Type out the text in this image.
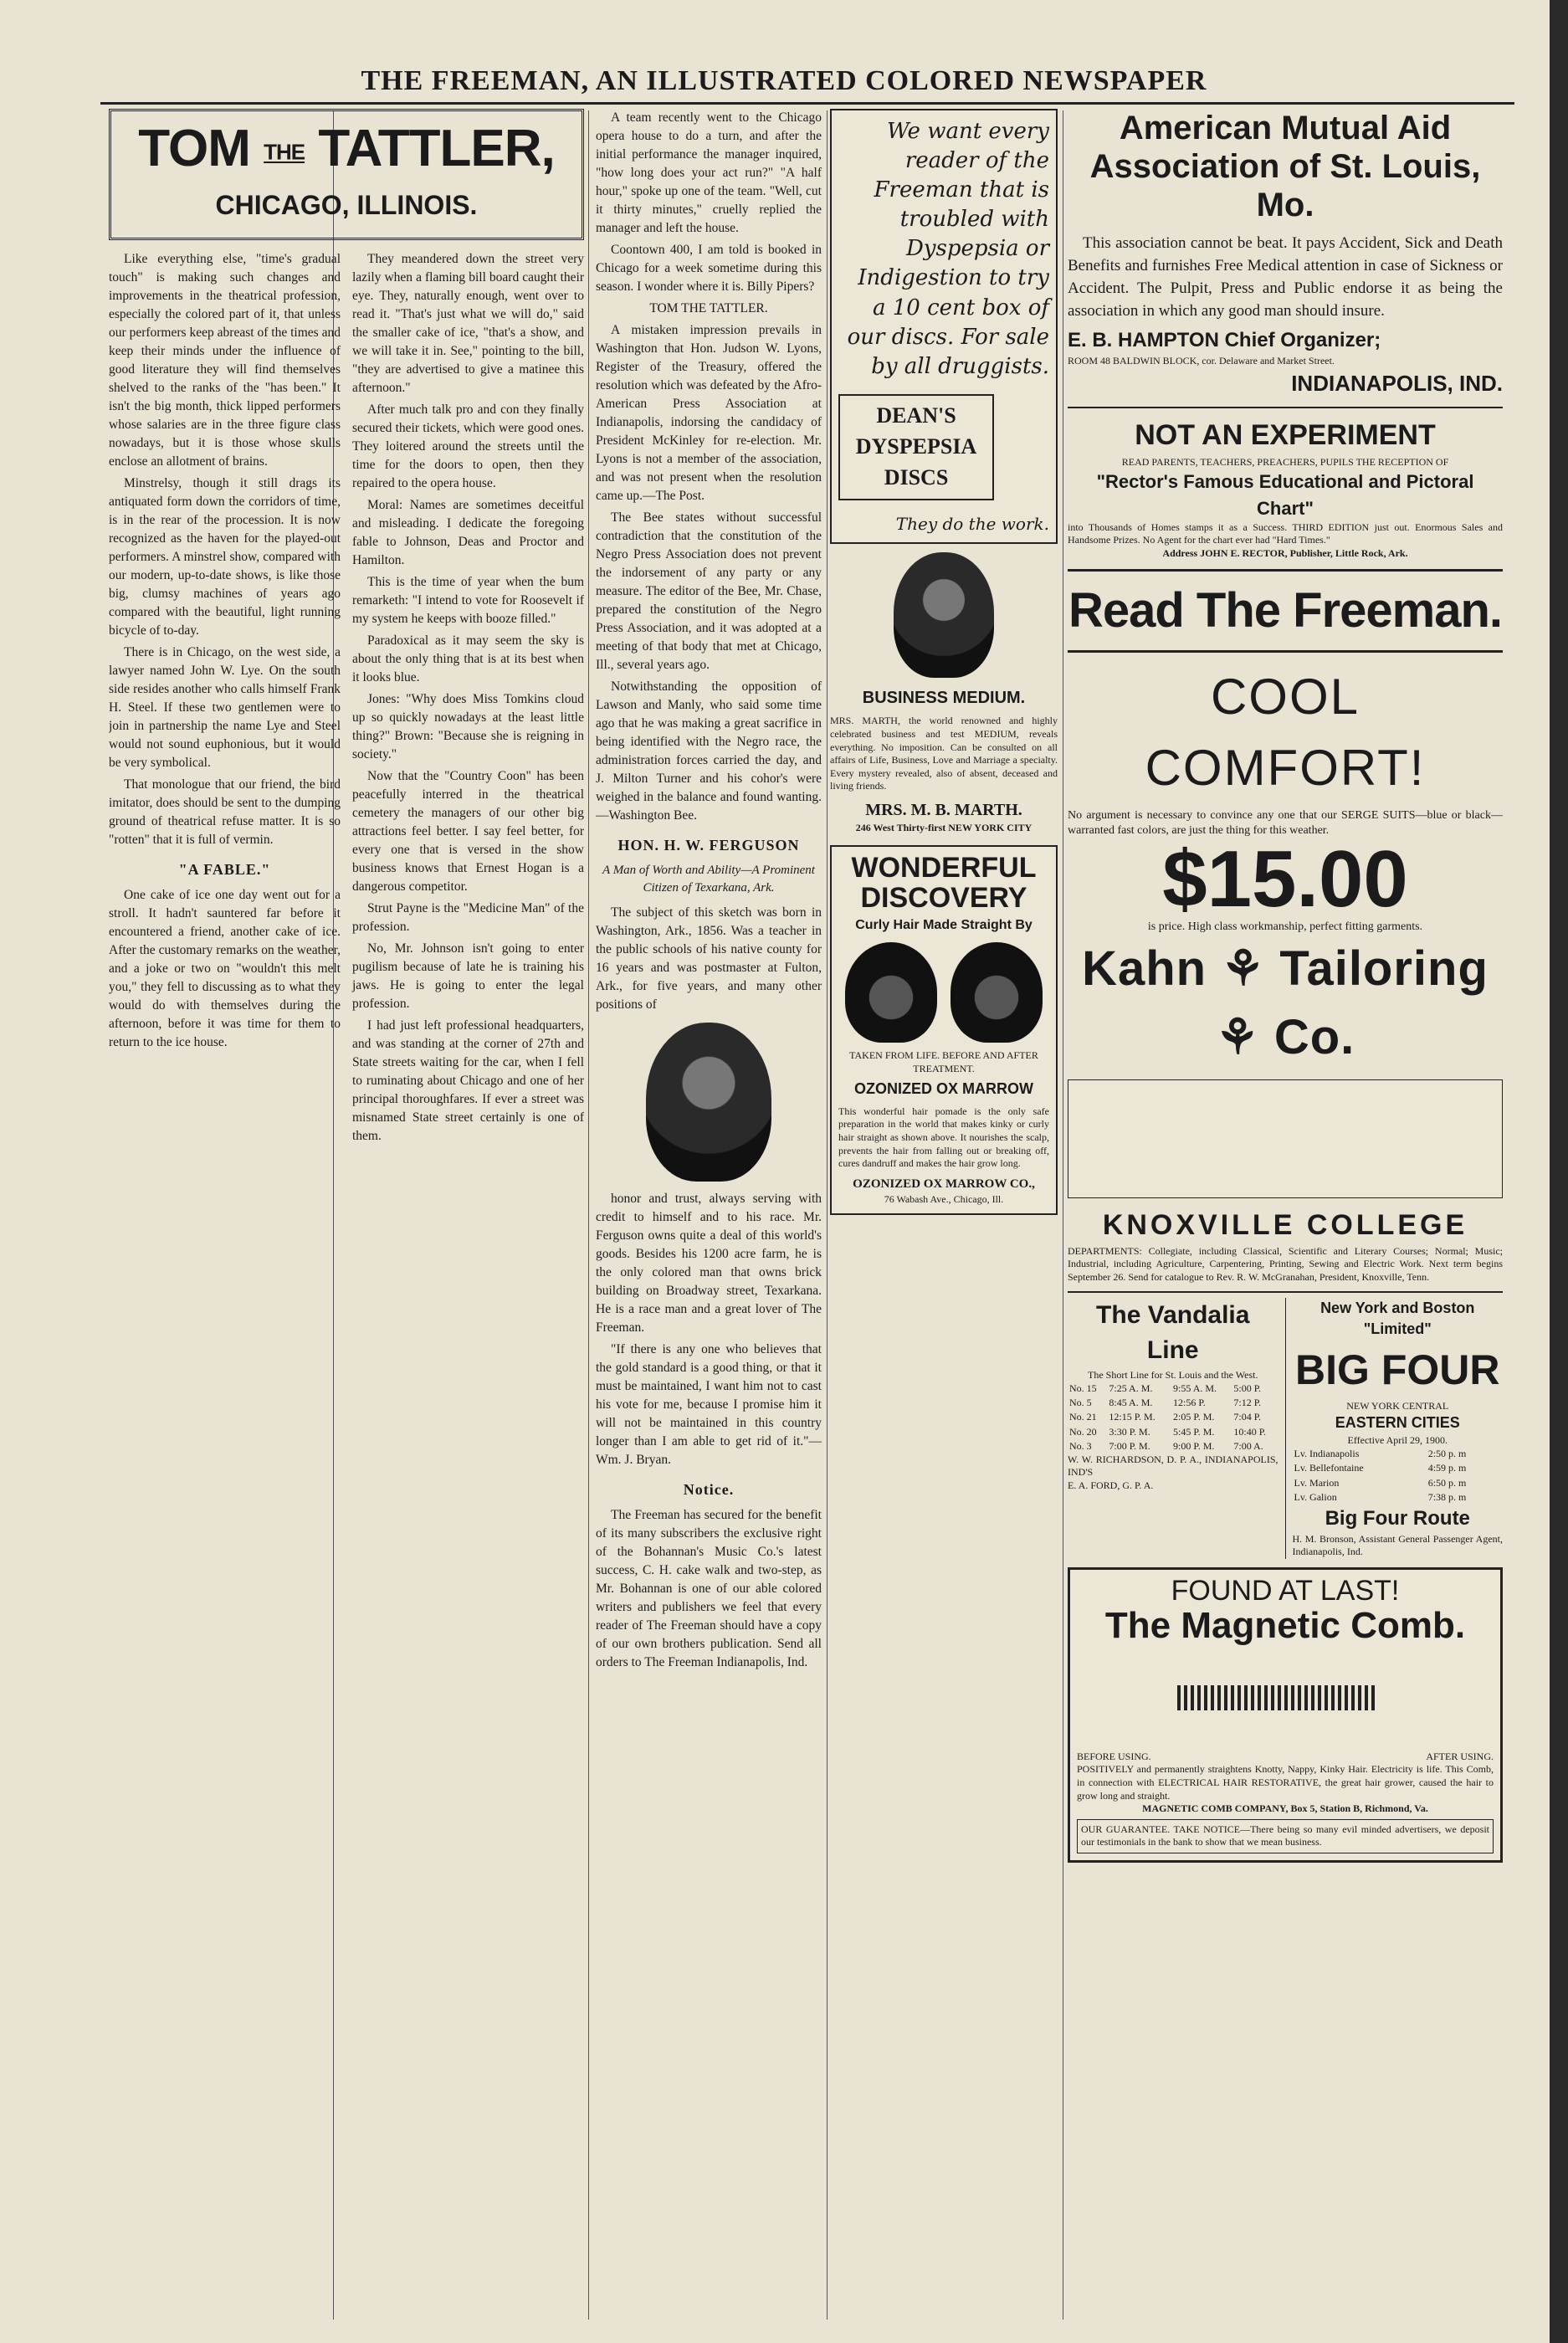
THE FREEMAN, AN ILLUSTRATED COLORED NEWSPAPER
TOM THE TATTLER,
CHICAGO, ILLINOIS.

Like everything else, "time's gradual touch" is making such changes and improvements in the theatrical profession, especially the colored part of it, that unless our performers keep abreast of the times and keep their minds under the influence of good literature they will find themselves shelved to the ranks of the "has been." It isn't the big month, thick lipped performers whose salaries are in the three figure class nowadays, but it is those whose skulls enclose an allotment of brains.

Minstrelsy, though it still drags its antiquated form down the corridors of time, is in the rear of the procession. It is now recognized as the haven for the played-out performers. A minstrel show, compared with our modern, up-to-date shows, is like those big, clumsy machines of years ago compared with the beautiful, light running bicycle of to-day.

There is in Chicago, on the west side, a lawyer named John W. Lye. On the south side resides another who calls himself Frank H. Steel. If these two gentlemen were to join in partnership the name Lye and Steel would not sound euphonious, but it would be very symbolical.

That monologue that our friend, the bird imitator, does should be sent to the dumping ground of theatrical refuse matter. It is so "rotten" that it is full of vermin.

"A FABLE."

One cake of ice one day went out for a stroll. It hadn't sauntered far before it encountered a friend, another cake of ice. After the customary remarks on the weather, and a joke or two on "wouldn't this melt you," they fell to discussing as to what they would do with themselves during the afternoon, before it was time for them to return to the ice house.

They meandered down the street very lazily when a flaming bill board caught their eye. They, naturally enough, went over to read it. "That's just what we will do," said the smaller cake of ice, "that's a show, and we will take it in. See," pointing to the bill, "they are advertised to give a matinee this afternoon."

After much talk pro and con they finally secured their tickets, which were good ones. They loitered around the streets until the time for the doors to open, then they repaired to the opera house.

Moral: Names are sometimes deceitful and misleading. I dedicate the foregoing fable to Johnson, Deas and Proctor and Hamilton.

This is the time of year when the bum remarketh: "I intend to vote for Roosevelt if my system he keeps with booze filled."

Paradoxical as it may seem the sky is about the only thing that is at its best when it looks blue.

Jones: "Why does Miss Tomkins cloud up so quickly nowadays at the least little thing?" Brown: "Because she is reigning in society."

Now that the "Country Coon" has been peacefully interred in the theatrical cemetery the managers of our other big attractions feel better. I say feel better, for every one that is versed in the show business knows that Ernest Hogan is a dangerous competitor.

Strut Payne is the "Medicine Man" of the profession.

No, Mr. Johnson isn't going to enter pugilism because of late he is training his jaws. He is going to enter the legal profession.

I had just left professional headquarters, and was standing at the corner of 27th and State streets waiting for the car, when I fell to ruminating about Chicago and one of her principal thoroughfares. If ever a street was misnamed State street certainly is one of them.

A team recently went to the Chicago opera house to do a turn, and after the initial performance the manager inquired, "how long does your act run?" "A half hour," spoke up one of the team. "Well, cut it thirty minutes," cruelly replied the manager and left the house.

Coontown 400, I am told is booked in Chicago for a week sometime during this season. I wonder where it is. Billy Pipers?

TOM THE TATTLER.

A mistaken impression prevails in Washington that Hon. Judson W. Lyons, Register of the Treasury, offered the resolution which was defeated by the Afro-American Press Association at Indianapolis, indorsing the candidacy of President McKinley for re-election. Mr. Lyons is not a member of the association, and was not present when the resolution came up.—The Post.

The Bee states without successful contradiction that the constitution of the Negro Press Association does not prevent the indorsement of any party or any measure. The editor of the Bee, Mr. Chase, prepared the constitution of the Negro Press Association, and it was adopted at a meeting of that body that met at Chicago, Ill., several years ago.

Notwithstanding the opposition of Lawson and Manly, who said some time ago that he was making a great sacrifice in being identified with the Negro race, the administration forces carried the day, and J. Milton Turner and his cohor's were weighed in the balance and found wanting.—Washington Bee.

HON. H. W. FERGUSON
A Man of Worth and Ability—A Prominent Citizen of Texarkana, Ark.

The subject of this sketch was born in Washington, Ark., 1856. Was a teacher in the public schools of his native county for 16 years and was postmaster at Fulton, Ark., for five years, and many other positions of

honor and trust, always serving with credit to himself and to his race. Mr. Ferguson owns quite a deal of this world's goods. Besides his 1200 acre farm, he is the only colored man that owns brick building on Broadway street, Texarkana. He is a race man and a great lover of The Freeman.

"If there is any one who believes that the gold standard is a good thing, or that it must be maintained, I want him not to cast his vote for me, because I promise him it will not be maintained in this country longer than I am able to get rid of it."—Wm. J. Bryan.

Notice.

The Freeman has secured for the benefit of its many subscribers the exclusive right of the Bohannan's Music Co.'s latest success, C. H. cake walk and two-step, as Mr. Bohannan is one of our able colored writers and publishers we feel that every reader of The Freeman should have a copy of our own brothers publication. Send all orders to The Freeman Indianapolis, Ind.

We want every reader of the Freeman that is troubled with Dyspepsia or Indigestion to try a 10 cent box of our discs. For sale by all druggists.
DEAN'S DYSPEPSIA DISCS
They do the work.
BUSINESS MEDIUM.
MRS. MARTH, the world renowned and highly celebrated business and test MEDIUM, reveals everything. No imposition. Can be consulted on all affairs of Life, Business, Love and Marriage a specialty. Every mystery revealed, also of absent, deceased and living friends.
MRS. M. B. MARTH.
246 West Thirty-first NEW YORK CITY
WONDERFUL DISCOVERY
Curly Hair Made Straight By
TAKEN FROM LIFE. BEFORE AND AFTER TREATMENT.
OZONIZED OX MARROW
This wonderful hair pomade is the only safe preparation in the world that makes kinky or curly hair straight as shown above. It nourishes the scalp, prevents the hair from falling out or breaking off, cures dandruff and makes the hair grow long.
OZONIZED OX MARROW CO.,
76 Wabash Ave., Chicago, Ill.
American Mutual Aid Association of St. Louis, Mo.

This association cannot be beat. It pays Accident, Sick and Death Benefits and furnishes Free Medical attention in case of Sickness or Accident. The Pulpit, Press and Public endorse it as being the association in which any good man should insure.

E. B. HAMPTON Chief Organizer;
ROOM 48 BALDWIN BLOCK, cor. Delaware and Market Street.
INDIANAPOLIS, IND.
NOT AN EXPERIMENT
READ PARENTS, TEACHERS, PREACHERS, PUPILS THE RECEPTION OF
"Rector's Famous Educational and Pictoral Chart"
into Thousands of Homes stamps it as a Success. THIRD EDITION just out. Enormous Sales and Handsome Prizes. No Agent for the chart ever had "Hard Times."
Address JOHN E. RECTOR, Publisher, Little Rock, Ark.
Read The Freeman.
COOL COMFORT!
No argument is necessary to convince any one that our SERGE SUITS—blue or black—warranted fast colors, are just the thing for this weather.
$15.00
is price. High class workmanship, perfect fitting garments.
Kahn ⚘ Tailoring ⚘ Co.
KNOXVILLE COLLEGE
DEPARTMENTS: Collegiate, including Classical, Scientific and Literary Courses; Normal; Music; Industrial, including Agriculture, Carpentering, Printing, Sewing and Electric Work. Next term begins September 26. Send for catalogue to Rev. R. W. McGranahan, President, Knoxville, Tenn.
The Vandalia Line
The Short Line for St. Louis and the West.
No. 15	7:25 A. M.	9:55 A. M.	5:00 P.
No. 5	8:45 A. M.	12:56 P.	7:12 P.
No. 21	12:15 P. M.	2:05 P. M.	7:04 P.
No. 20	3:30 P. M.	5:45 P. M.	10:40 P.
No. 3	7:00 P. M.	9:00 P. M.	7:00 A.
W. W. RICHARDSON, D. P. A., INDIANAPOLIS, IND'S
E. A. FORD, G. P. A.
New York and Boston "Limited"
BIG FOUR
NEW YORK CENTRAL
EASTERN CITIES
Effective April 29, 1900.
Lv. Indianapolis	2:50 p. m
Lv. Bellefontaine	4:59 p. m
Lv. Marion	6:50 p. m
Lv. Galion	7:38 p. m
Big Four Route
H. M. Bronson, Assistant General Passenger Agent, Indianapolis, Ind.
FOUND AT LAST!
The Magnetic Comb.
BEFORE USING.	AFTER USING.
POSITIVELY and permanently straightens Knotty, Nappy, Kinky Hair. Electricity is life. This Comb, in connection with ELECTRICAL HAIR RESTORATIVE, the great hair grower, caused the hair to grow long and straight.
MAGNETIC COMB COMPANY, Box 5, Station B, Richmond, Va.
OUR GUARANTEE. TAKE NOTICE—There being so many evil minded advertisers, we deposit our testimonials in the bank to show that we mean business.
